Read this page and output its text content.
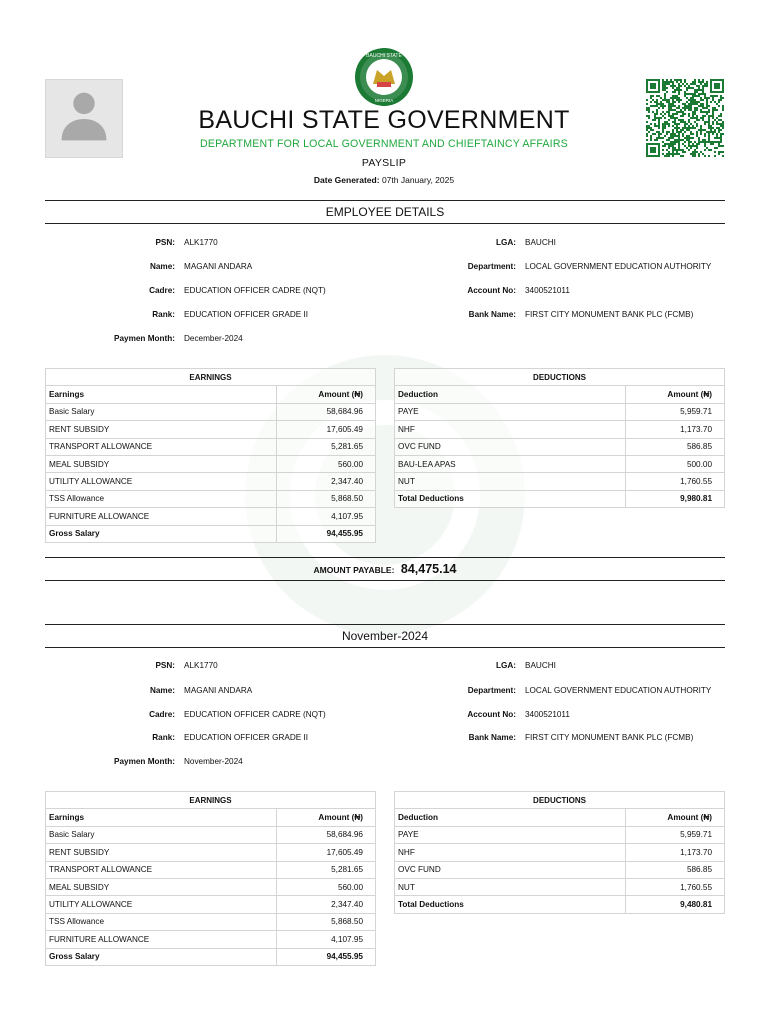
BAUCHI STATE
NIGERIA
BAUCHI STATE GOVERNMENT
DEPARTMENT FOR LOCAL GOVERNMENT AND CHIEFTAINCY AFFAIRS
PAYSLIP
Date Generated: 07th January, 2025
EMPLOYEE DETAILS
PSN: ALK1770
Name: MAGANI ANDARA
Cadre: EDUCATION OFFICER CADRE (NQT)
Rank: EDUCATION OFFICER GRADE II
Paymen Month: December-2024
LGA: BAUCHI
Department: LOCAL GOVERNMENT EDUCATION AUTHORITY
Account No: 3400521011
Bank Name: FIRST CITY MONUMENT BANK PLC (FCMB)
EARNINGS	
Earnings	Amount (₦)
Basic Salary	58,684.96
RENT SUBSIDY	17,605.49
TRANSPORT ALLOWANCE	5,281.65
MEAL SUBSIDY	560.00
UTILITY ALLOWANCE	2,347.40
TSS Allowance	5,868.50
FURNITURE ALLOWANCE	4,107.95
Gross Salary	94,455.95
DEDUCTIONS	
Deduction	Amount (₦)
PAYE	5,959.71
NHF	1,173.70
OVC FUND	586.85
BAU-LEA APAS	500.00
NUT	1,760.55
Total Deductions	9,980.81
AMOUNT PAYABLE: 84,475.14
November-2024
PSN: ALK1770
Name: MAGANI ANDARA
Cadre: EDUCATION OFFICER CADRE (NQT)
Rank: EDUCATION OFFICER GRADE II
Paymen Month: November-2024
LGA: BAUCHI
Department: LOCAL GOVERNMENT EDUCATION AUTHORITY
Account No: 3400521011
Bank Name: FIRST CITY MONUMENT BANK PLC (FCMB)
EARNINGS	
Earnings	Amount (₦)
Basic Salary	58,684.96
RENT SUBSIDY	17,605.49
TRANSPORT ALLOWANCE	5,281.65
MEAL SUBSIDY	560.00
UTILITY ALLOWANCE	2,347.40
TSS Allowance	5,868.50
FURNITURE ALLOWANCE	4,107.95
Gross Salary	94,455.95
DEDUCTIONS	
Deduction	Amount (₦)
PAYE	5,959.71
NHF	1,173.70
OVC FUND	586.85
NUT	1,760.55
Total Deductions	9,480.81
